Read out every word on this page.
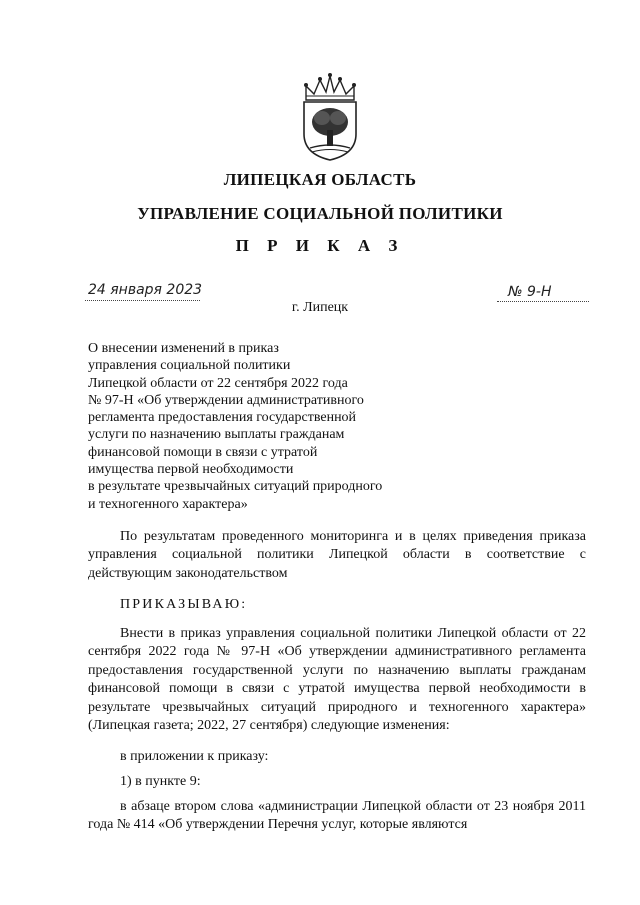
ЛИПЕЦКАЯ ОБЛАСТЬ
УПРАВЛЕНИЕ СОЦИАЛЬНОЙ ПОЛИТИКИ
П Р И К А З
24 января 2023	№ 9-Н
г. Липецк
О внесении изменений в приказ
управления социальной политики
Липецкой области от 22 сентября 2022 года
№ 97-Н «Об утверждении административного
регламента предоставления государственной
услуги по назначению выплаты гражданам
финансовой помощи в связи с утратой
имущества первой необходимости
в результате чрезвычайных ситуаций природного
и техногенного характера»
По результатам проведенного мониторинга и в целях приведения приказа управления социальной политики Липецкой области в соответствие с действующим законодательством
ПРИКАЗЫВАЮ:
Внести в приказ управления социальной политики Липецкой области от 22 сентября 2022 года № 97-Н «Об утверждении административного регламента предоставления государственной услуги по назначению выплаты гражданам финансовой помощи в связи с утратой имущества первой необходимости в результате чрезвычайных ситуаций природного и техногенного характера» (Липецкая газета; 2022, 27 сентября) следующие изменения:
в приложении к приказу:
1) в пункте 9:
в абзаце втором слова «администрации Липецкой области от 23 ноября 2011 года № 414 «Об утверждении Перечня услуг, которые являются
